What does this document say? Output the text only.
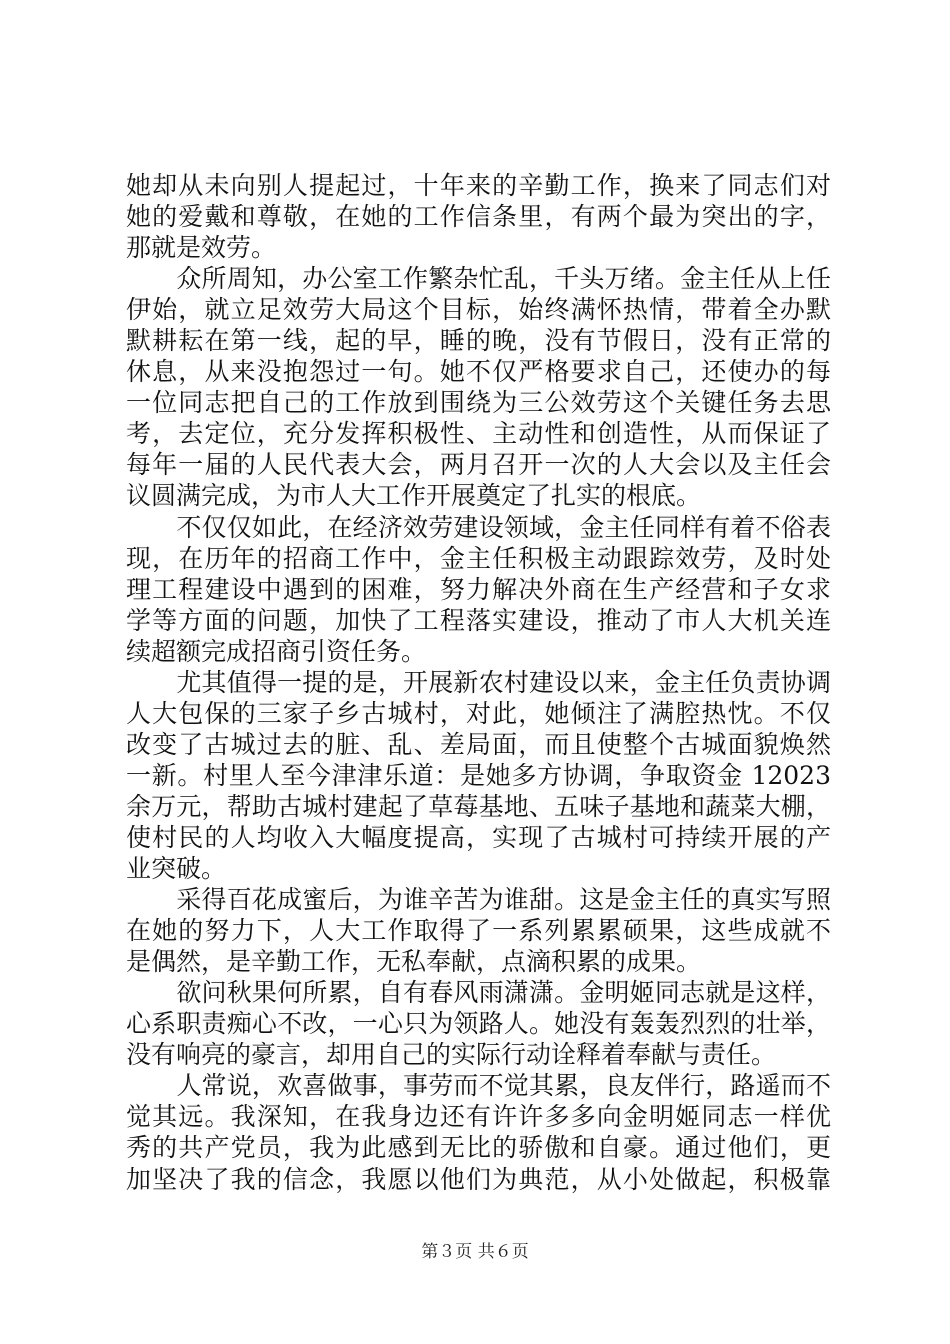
她却从未向别人提起过，十年来的辛勤工作，换来了同志们对
她的爱戴和尊敬，在她的工作信条里，有两个最为突出的字，
那就是效劳。
　　众所周知，办公室工作繁杂忙乱，千头万绪。金主任从上任
伊始，就立足效劳大局这个目标，始终满怀热情，带着全办默
默耕耘在第一线，起的早，睡的晚，没有节假日，没有正常的
休息，从来没抱怨过一句。她不仅严格要求自己，还使办的每
一位同志把自己的工作放到围绕为三公效劳这个关键任务去思
考，去定位，充分发挥积极性、主动性和创造性，从而保证了
每年一届的人民代表大会，两月召开一次的人大会以及主任会
议圆满完成，为市人大工作开展奠定了扎实的根底。
　　不仅仅如此，在经济效劳建设领域，金主任同样有着不俗表
现，在历年的招商工作中，金主任积极主动跟踪效劳，及时处
理工程建设中遇到的困难，努力解决外商在生产经营和子女求
学等方面的问题，加快了工程落实建设，推动了市人大机关连
续超额完成招商引资任务。
　　尤其值得一提的是，开展新农村建设以来，金主任负责协调
人大包保的三家子乡古城村，对此，她倾注了满腔热忱。不仅
改变了古城过去的脏、乱、差局面，而且使整个古城面貌焕然
一新。村里人至今津津乐道：是她多方协调，争取资金 12023
余万元，帮助古城村建起了草莓基地、五味子基地和蔬菜大棚，
使村民的人均收入大幅度提高，实现了古城村可持续开展的产
业突破。
　　采得百花成蜜后，为谁辛苦为谁甜。这是金主任的真实写照
在她的努力下，人大工作取得了一系列累累硕果，这些成就不
是偶然，是辛勤工作，无私奉献，点滴积累的成果。
　　欲问秋果何所累，自有春风雨潇潇。金明姬同志就是这样，
心系职责痴心不改，一心只为领路人。她没有轰轰烈烈的壮举，
没有响亮的豪言，却用自己的实际行动诠释着奉献与责任。
　　人常说，欢喜做事，事劳而不觉其累，良友伴行，路遥而不
觉其远。我深知，在我身边还有许许多多向金明姬同志一样优
秀的共产党员，我为此感到无比的骄傲和自豪。通过他们，更
加坚决了我的信念，我愿以他们为典范，从小处做起，积极靠
第３页 共６页
